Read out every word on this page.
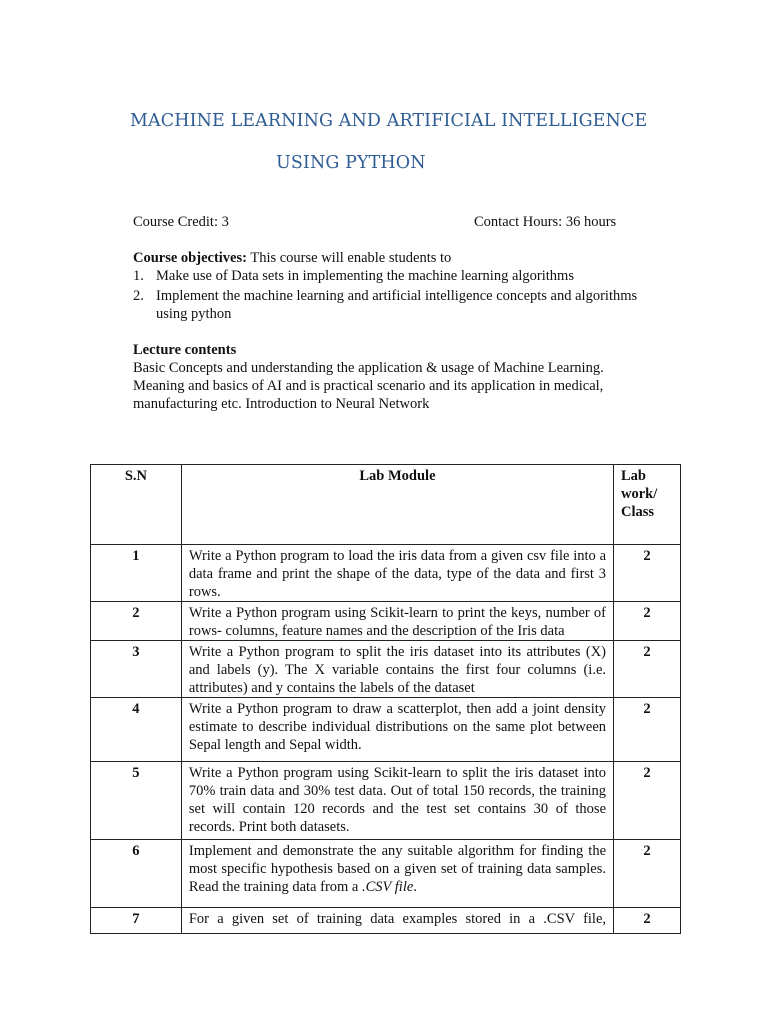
MACHINE LEARNING AND ARTIFICIAL INTELLIGENCE
USING PYTHON
Course Credit: 3	Contact Hours: 36 hours
Course objectives: This course will enable students to
1. Make use of Data sets in implementing the machine learning algorithms
2. Implement the machine learning and artificial intelligence concepts and algorithms using python
Lecture contents
Basic Concepts and understanding the application & usage of Machine Learning. Meaning and basics of AI and is practical scenario and its application in medical, manufacturing etc. Introduction to Neural Network
S.N	Lab Module	Lab work/ Class
1	Write a Python program to load the iris data from a given csv file into a data frame and print the shape of the data, type of the data and first 3 rows.	2
2	Write a Python program using Scikit-learn to print the keys, number of rows- columns, feature names and the description of the Iris data	2
3	Write a Python program to split the iris dataset into its attributes (X) and labels (y). The X variable contains the first four columns (i.e. attributes) and y contains the labels of the dataset	2
4	Write a Python program to draw a scatterplot, then add a joint density estimate to describe individual distributions on the same plot between Sepal length and Sepal width.	2
5	Write a Python program using Scikit-learn to split the iris dataset into 70% train data and 30% test data. Out of total 150 records, the training set will contain 120 records and the test set contains 30 of those records. Print both datasets.	2
6	Implement and demonstrate the any suitable algorithm for finding the most specific hypothesis based on a given set of training data samples. Read the training data from a .CSV file.	2
7	For a given set of training data examples stored in a .CSV file,	2
